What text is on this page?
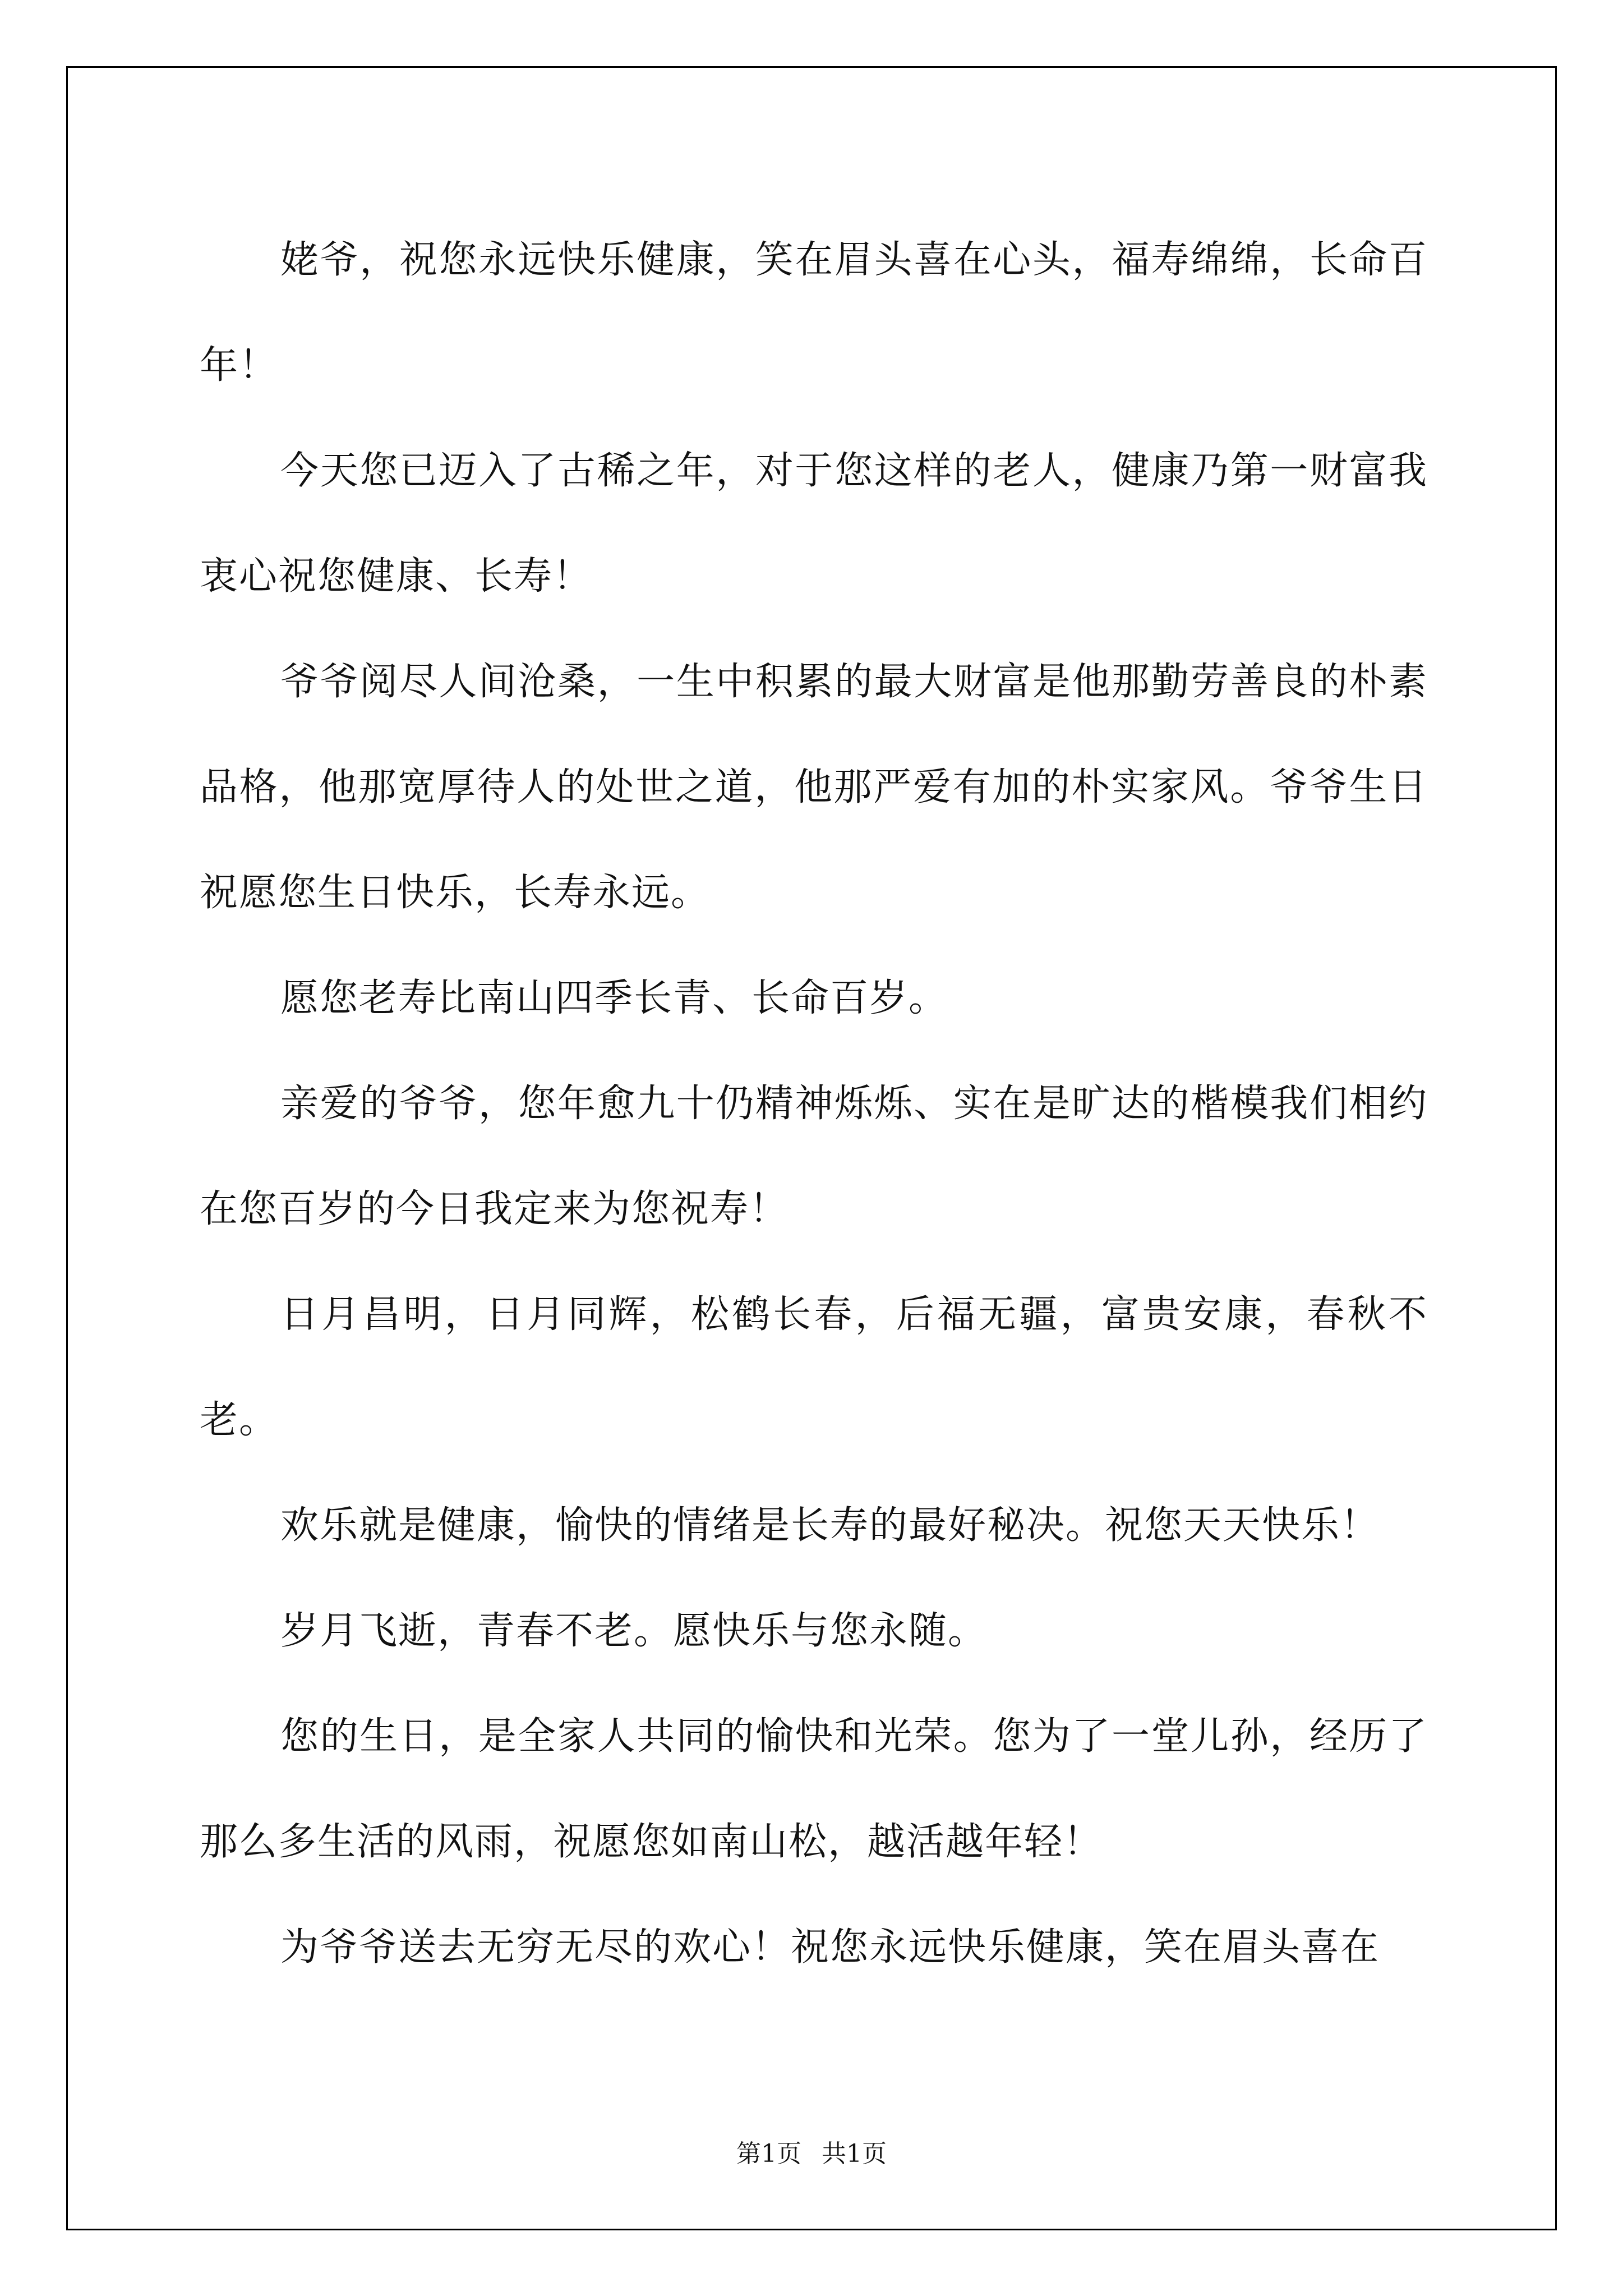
姥爷，祝您永远快乐健康，笑在眉头喜在心头，福寿绵绵，长命百年！

今天您已迈入了古稀之年，对于您这样的老人，健康乃第一财富我衷心祝您健康、长寿！

爷爷阅尽人间沧桑，一生中积累的最大财富是他那勤劳善良的朴素品格，他那宽厚待人的处世之道，他那严爱有加的朴实家风。爷爷生日祝愿您生日快乐，长寿永远。

愿您老寿比南山四季长青、长命百岁。

亲爱的爷爷，您年愈九十仍精神烁烁、实在是旷达的楷模我们相约在您百岁的今日我定来为您祝寿！

日月昌明，日月同辉，松鹤长春，后福无疆，富贵安康，春秋不老。

欢乐就是健康，愉快的情绪是长寿的最好秘决。祝您天天快乐！

岁月飞逝，青春不老。愿快乐与您永随。

您的生日，是全家人共同的愉快和光荣。您为了一堂儿孙，经历了那么多生活的风雨，祝愿您如南山松，越活越年轻！

为爷爷送去无穷无尽的欢心！祝您永远快乐健康，笑在眉头喜在

第1页 共1页
